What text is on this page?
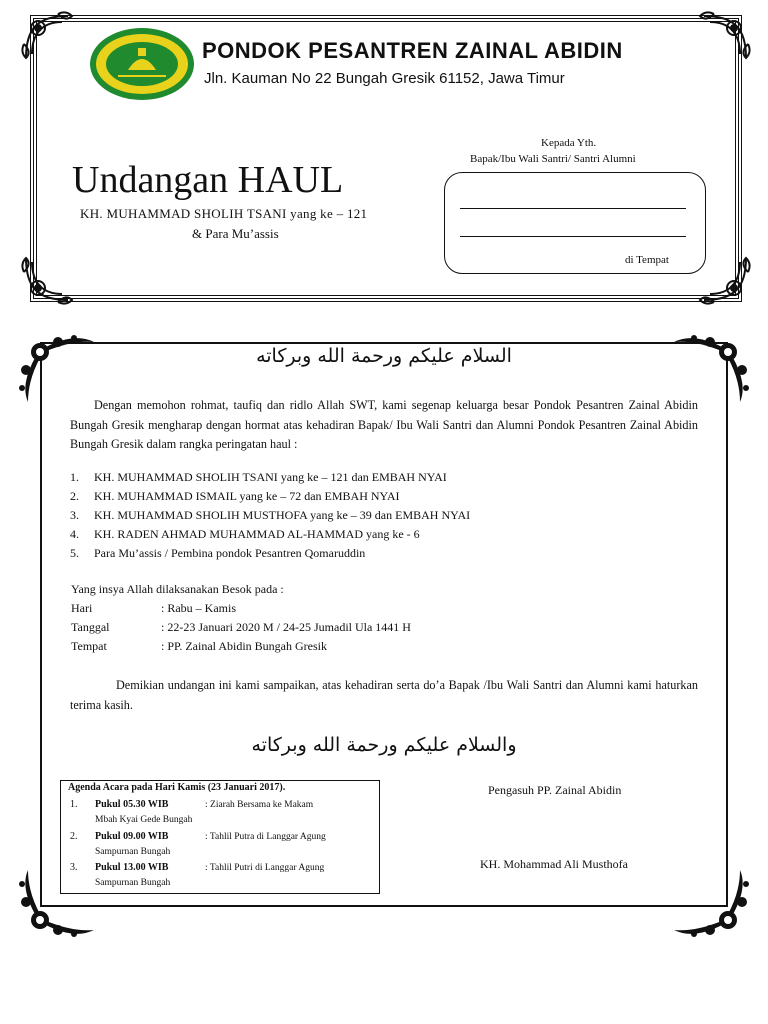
PONDOK PESANTREN ZAINAL ABIDIN
Jln. Kauman No 22 Bungah Gresik 61152, Jawa Timur
Undangan HAUL
KH. MUHAMMAD SHOLIH TSANI yang ke – 121
& Para Mu’assis
Kepada Yth.
Bapak/Ibu Wali Santri/ Santri Alumni
di Tempat
السلام عليكم ورحمة الله وبركاته
Dengan memohon rohmat, taufiq dan ridlo Allah SWT, kami segenap keluarga besar Pondok Pesantren Zainal Abidin Bungah Gresik mengharap dengan hormat atas kehadiran Bapak/ Ibu Wali Santri dan Alumni Pondok Pesantren Zainal Abidin Bungah Gresik dalam rangka peringatan haul :
1. KH. MUHAMMAD SHOLIH TSANI yang ke – 121 dan EMBAH NYAI
2. KH. MUHAMMAD ISMAIL yang ke – 72 dan EMBAH NYAI
3. KH. MUHAMMAD SHOLIH MUSTHOFA yang ke – 39 dan EMBAH NYAI
4. KH. RADEN AHMAD MUHAMMAD AL-HAMMAD yang ke - 6
5. Para Mu’assis / Pembina pondok Pesantren Qomaruddin
Yang insya Allah dilaksanakan Besok pada :
Hari	: Rabu – Kamis
Tanggal	: 22-23 Januari 2020 M / 24-25 Jumadil Ula 1441 H
Tempat	: PP. Zainal Abidin Bungah Gresik
Demikian undangan ini kami sampaikan, atas kehadiran serta do’a Bapak /Ibu Wali Santri dan Alumni kami haturkan terima kasih.
والسلام عليكم ورحمة الله وبركاته
Agenda Acara pada Hari Kamis (23 Januari 2017).
1. Pukul 05.30 WIB	: Ziarah Bersama ke Makam
Mbah Kyai Gede Bungah
2. Pukul 09.00 WIB	: Tahlil Putra di Langgar Agung
Sampurnan Bungah
3. Pukul 13.00 WIB	: Tahlil Putri di Langgar Agung
Sampurnan Bungah
Pengasuh PP. Zainal Abidin
KH. Mohammad Ali Musthofa
